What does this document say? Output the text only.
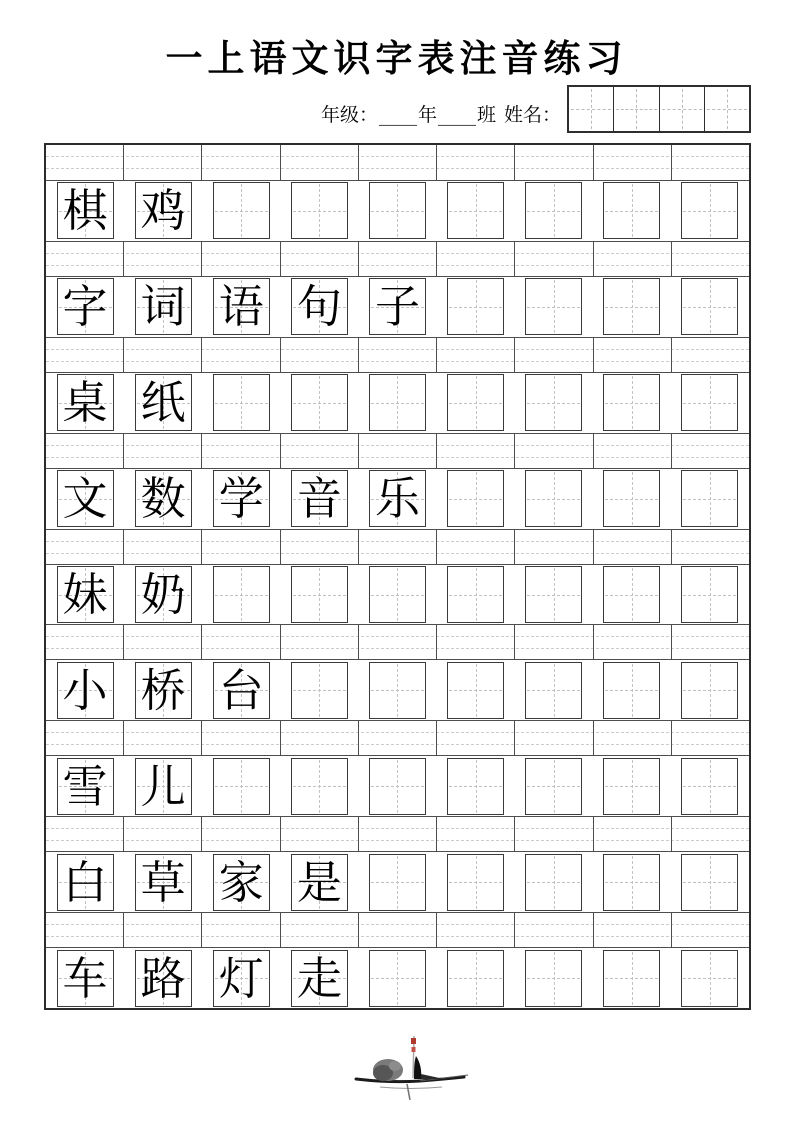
一上语文识字表注音练习
年级： ____ 年 ____ 班 姓名：
棋 鸡
字 词 语 句 子
桌 纸
文 数 学 音 乐
妹 奶
小 桥 台
雪 儿
白 草 家 是
车 路 灯 走
